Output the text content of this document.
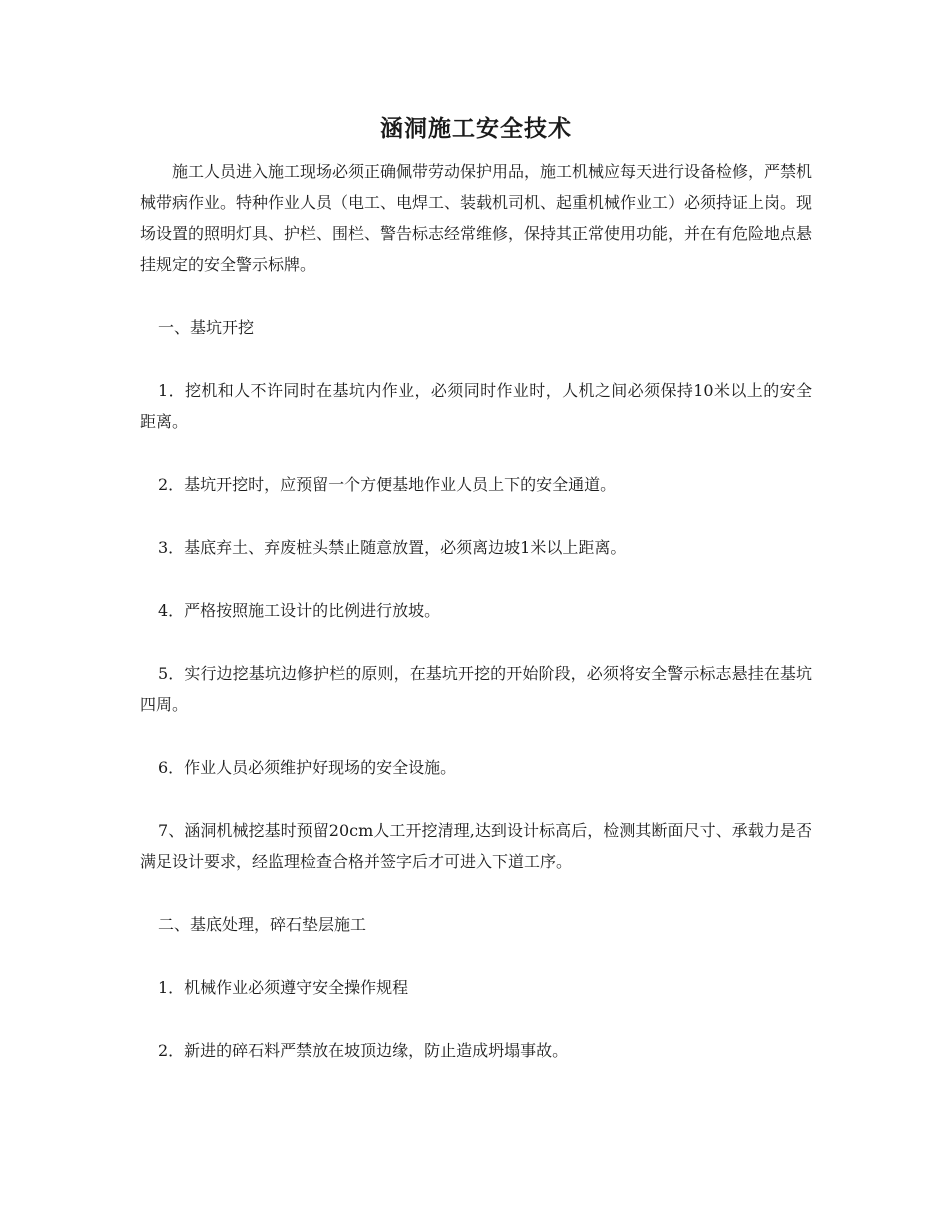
涵洞施工安全技术

施工人员进入施工现场必须正确佩带劳动保护用品，施工机械应每天进行设备检修，严禁机械带病作业。特种作业人员（电工、电焊工、装载机司机、起重机械作业工）必须持证上岗。现场设置的照明灯具、护栏、围栏、警告标志经常维修，保持其正常使用功能，并在有危险地点悬挂规定的安全警示标牌。

一、基坑开挖

1．挖机和人不许同时在基坑内作业，必须同时作业时，人机之间必须保持10米以上的安全距离。

2．基坑开挖时，应预留一个方便基地作业人员上下的安全通道。

3．基底弃土、弃废桩头禁止随意放置，必须离边坡1米以上距离。

4．严格按照施工设计的比例进行放坡。

5．实行边挖基坑边修护栏的原则，在基坑开挖的开始阶段，必须将安全警示标志悬挂在基坑四周。

6．作业人员必须维护好现场的安全设施。

7、涵洞机械挖基时预留20cm人工开挖清理,达到设计标高后，检测其断面尺寸、承载力是否满足设计要求，经监理检查合格并签字后才可进入下道工序。

二、基底处理，碎石垫层施工

1．机械作业必须遵守安全操作规程

2．新进的碎石料严禁放在坡顶边缘，防止造成坍塌事故。
